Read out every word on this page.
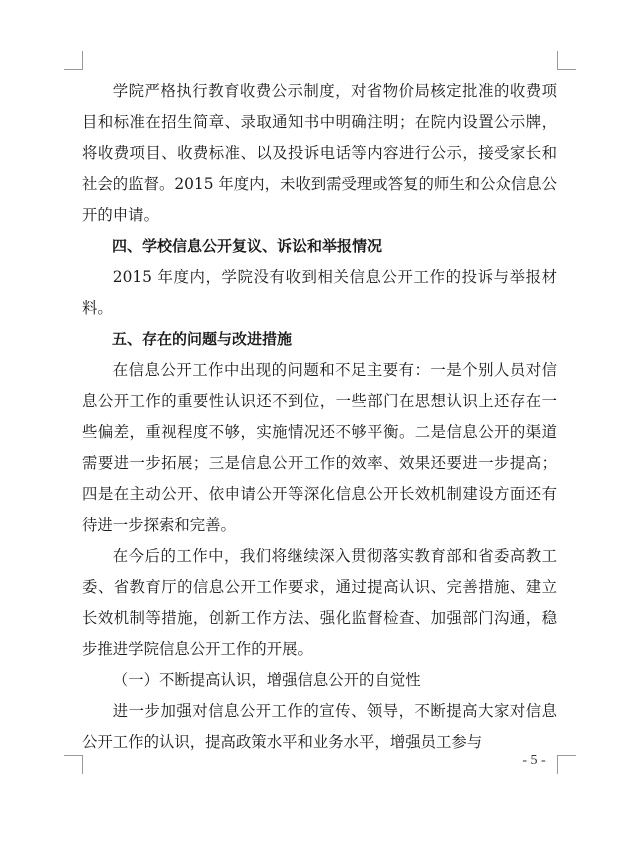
学院严格执行教育收费公示制度，对省物价局核定批准的收费项目和标准在招生简章、录取通知书中明确注明；在院内设置公示牌，将收费项目、收费标准、以及投诉电话等内容进行公示，接受家长和社会的监督。2015 年度内，未收到需受理或答复的师生和公众信息公开的申请。

四、学校信息公开复议、诉讼和举报情况

2015 年度内，学院没有收到相关信息公开工作的投诉与举报材料。

五、存在的问题与改进措施

在信息公开工作中出现的问题和不足主要有：一是个别人员对信息公开工作的重要性认识还不到位，一些部门在思想认识上还存在一些偏差，重视程度不够，实施情况还不够平衡。二是信息公开的渠道需要进一步拓展；三是信息公开工作的效率、效果还要进一步提高；四是在主动公开、依申请公开等深化信息公开长效机制建设方面还有待进一步探索和完善。

在今后的工作中，我们将继续深入贯彻落实教育部和省委高教工委、省教育厅的信息公开工作要求，通过提高认识、完善措施、建立长效机制等措施，创新工作方法、强化监督检查、加强部门沟通，稳步推进学院信息公开工作的开展。

（一）不断提高认识，增强信息公开的自觉性

进一步加强对信息公开工作的宣传、领导，不断提高大家对信息公开工作的认识，提高政策水平和业务水平，增强员工参与

- 5 -
